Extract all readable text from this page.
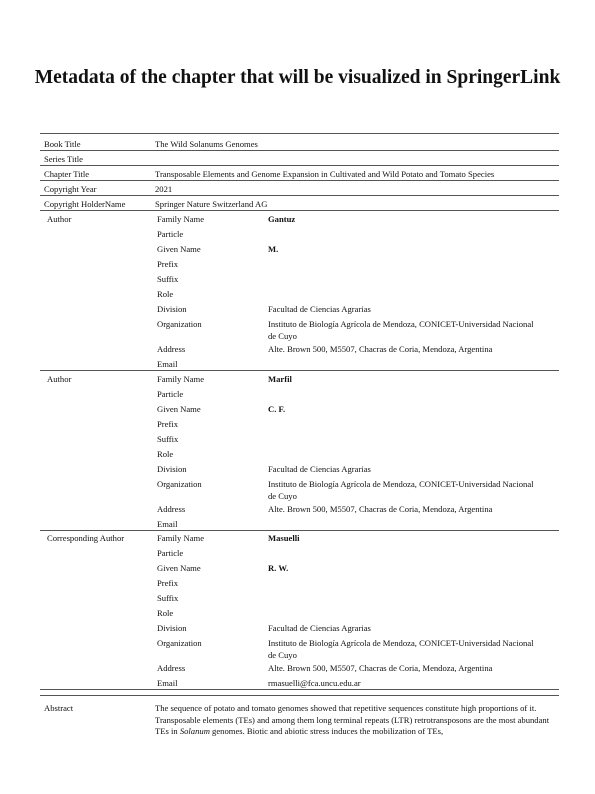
Metadata of the chapter that will be visualized in SpringerLink
Book Title	The Wild Solanums Genomes
Series Title
Chapter Title	Transposable Elements and Genome Expansion in Cultivated and Wild Potato and Tomato Species
Copyright Year	2021
Copyright HolderName	Springer Nature Switzerland AG
Author	Family Name	Gantuz
Particle
Given Name	M.
Prefix
Suffix
Role
Division	Facultad de Ciencias Agrarias
Organization	Instituto de Biología Agrícola de Mendoza, CONICET-Universidad Nacional de Cuyo
Address	Alte. Brown 500, M5507, Chacras de Coria, Mendoza, Argentina
Email
Author	Family Name	Marfil
Particle
Given Name	C. F.
Prefix
Suffix
Role
Division	Facultad de Ciencias Agrarias
Organization	Instituto de Biología Agrícola de Mendoza, CONICET-Universidad Nacional de Cuyo
Address	Alte. Brown 500, M5507, Chacras de Coria, Mendoza, Argentina
Email
Corresponding Author	Family Name	Masuelli
Particle
Given Name	R. W.
Prefix
Suffix
Role
Division	Facultad de Ciencias Agrarias
Organization	Instituto de Biología Agrícola de Mendoza, CONICET-Universidad Nacional de Cuyo
Address	Alte. Brown 500, M5507, Chacras de Coria, Mendoza, Argentina
Email	rmasuelli@fca.uncu.edu.ar
Abstract	The sequence of potato and tomato genomes showed that repetitive sequences constitute high proportions of it. Transposable elements (TEs) and among them long terminal repeats (LTR) retrotransposons are the most abundant TEs in Solanum genomes. Biotic and abiotic stress induces the mobilization of TEs,
